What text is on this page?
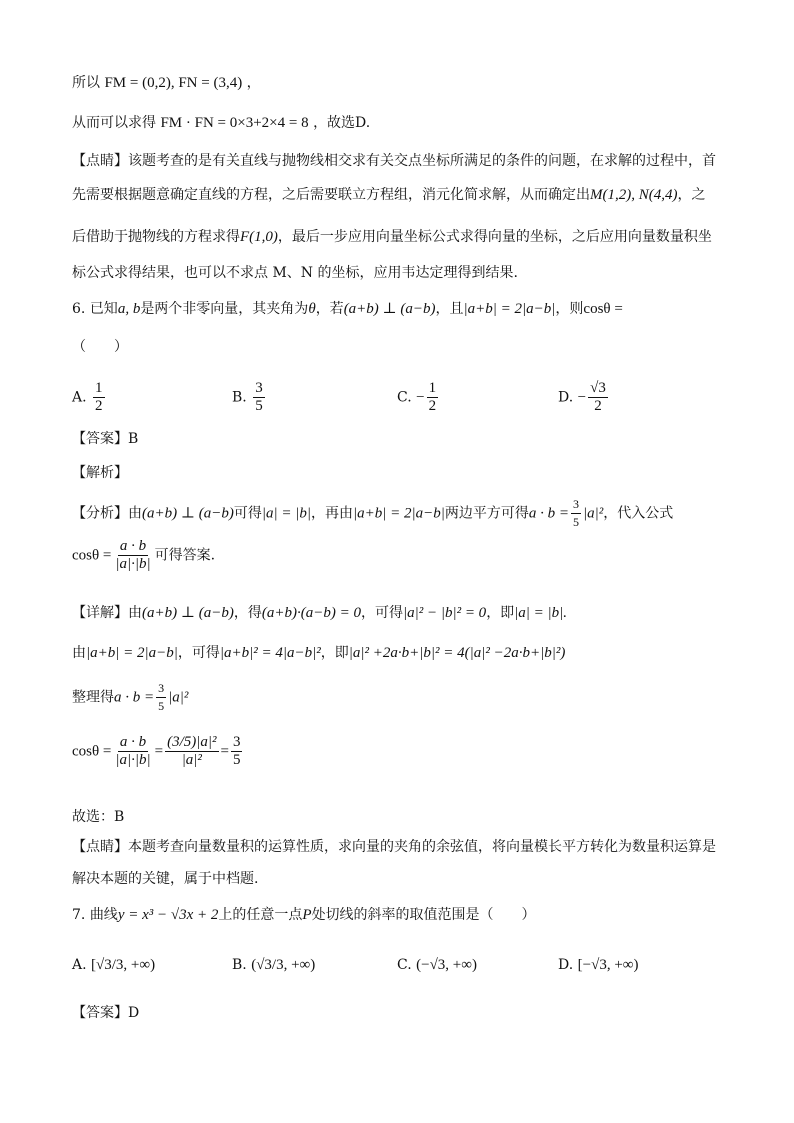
所以 FM = (0,2), FN = (3,4) ，
从而可以求得 FM · FN = 0×3+2×4 = 8 ，故选D.
【点睛】该题考查的是有关直线与抛物线相交求有关交点坐标所满足的条件的问题，在求解的过程中，首
先需要根据题意确定直线的方程，之后需要联立方程组，消元化简求解，从而确定出M(1,2), N(4,4)，之
后借助于抛物线的方程求得F(1,0)，最后一步应用向量坐标公式求得向量的坐标，之后应用向量数量积坐
标公式求得结果，也可以不求点 M、N 的坐标，应用韦达定理得到结果.
6. 已知a, b是两个非零向量，其夹角为θ，若(a+b) ⊥ (a−b)，且|a+b| = 2|a−b|，则cosθ =
（　　）
A. $\frac{1}{2}$	B. $\frac{3}{5}$	C. − $\frac{1}{2}$	D. − $\frac{√3}{2}$
【答案】B
【解析】
【分析】由(a+b) ⊥ (a−b)可得|a| = |b|，再由|a+b| = 2|a−b|两边平方可得$a \cdot b = \frac{3}{5} |a|^2$，代入公式
$\cos\theta = \frac{a \cdot b}{|a|\cdot|b|}$ 可得答案.
【详解】由(a+b) ⊥ (a−b)，得(a+b)·(a−b) = 0，可得|a|² − |b|² = 0，即|a| = |b|.
由|a+b| = 2|a−b|，可得|a+b|² = 4|a−b|²，即|a|² +2a·b+|b|² = 4(|a|² −2a·b+|b|²)
整理得$a \cdot b = \frac{3}{5} |a|^2$
$\cos\theta = \frac{a \cdot b}{|a|\cdot|b|} = \frac{\text{(3/5)|a|²}}{\text{|a|²}} = \frac{3}{5}$
故选：B
【点睛】本题考查向量数量积的运算性质，求向量的夹角的余弦值，将向量模长平方转化为数量积运算是
解决本题的关键，属于中档题.
7. 曲线y = x³ − √3x + 2上的任意一点P处切线的斜率的取值范围是（　　）
A. [√3/3, +∞)	B. (√3/3, +∞)	C. (−√3, +∞)	D. [−√3, +∞)
【答案】D
